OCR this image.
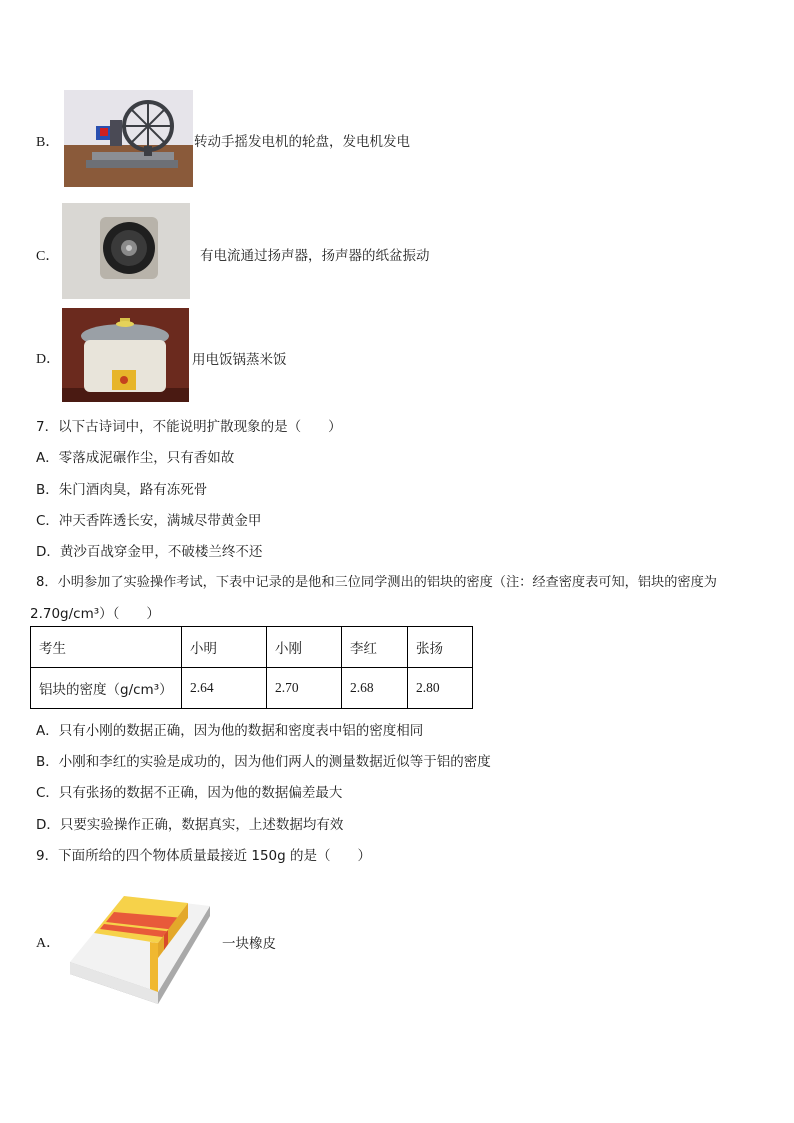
B．	转动手摇发电机的轮盘，发电机发电
C．	有电流通过扬声器，扬声器的纸盆振动
D．	用电饭锅蒸米饭
7．以下古诗词中，不能说明扩散现象的是（　　）
A．零落成泥碾作尘，只有香如故
B．朱门酒肉臭，路有冻死骨
C．冲天香阵透长安，满城尽带黄金甲
D．黄沙百战穿金甲，不破楼兰终不还
8．小明参加了实验操作考试，下表中记录的是他和三位同学测出的铝块的密度（注：经查密度表可知，铝块的密度为
2.70g/cm³）（　　）
考生	小明	小刚	李红	张扬
铝块的密度（g/cm³）	2.64	2.70	2.68	2.80
A．只有小刚的数据正确，因为他的数据和密度表中铝的密度相同
B．小刚和李红的实验是成功的，因为他们两人的测量数据近似等于铝的密度
C．只有张扬的数据不正确，因为他的数据偏差最大
D．只要实验操作正确，数据真实，上述数据均有效
9．下面所给的四个物体质量最接近 150g 的是（　　）
A．	一块橡皮
